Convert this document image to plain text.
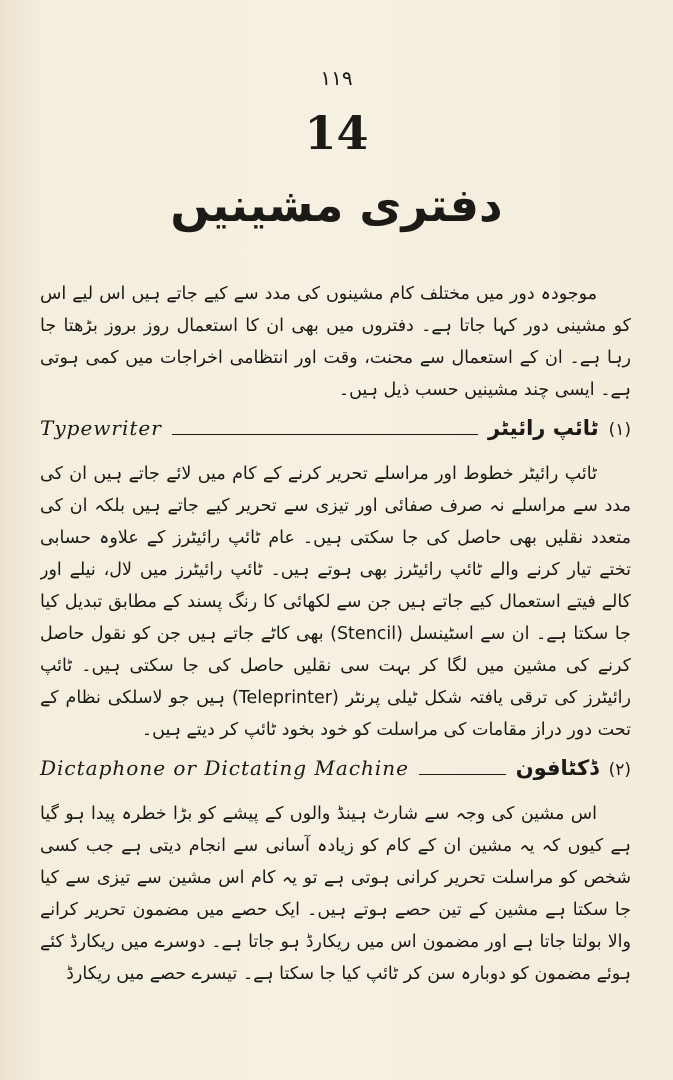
١١٩
14
دفتری مشینیں

موجودہ دور میں مختلف کام مشینوں کی مدد سے کیے جاتے ہیں اس لیے اس کو مشینی دور کہا جاتا ہے۔ دفتروں میں بھی ان کا استعمال روز بروز بڑھتا جا رہا ہے۔ ان کے استعمال سے محنت، وقت اور انتظامی اخراجات میں کمی ہوتی ہے۔ ایسی چند مشینیں حسب ذیل ہیں۔

(١)ٹائپ رائیٹر
Typewriter

ٹائپ رائیٹر خطوط اور مراسلے تحریر کرنے کے کام میں لائے جاتے ہیں ان کی مدد سے مراسلے نہ صرف صفائی اور تیزی سے تحریر کیے جاتے ہیں بلکہ ان کی متعدد نقلیں بھی حاصل کی جا سکتی ہیں۔ عام ٹائپ رائیٹرز کے علاوہ حسابی تختے تیار کرنے والے ٹائپ رائیٹرز بھی ہوتے ہیں۔ ٹائپ رائیٹرز میں لال، نیلے اور کالے فیتے استعمال کیے جاتے ہیں جن سے لکھائی کا رنگ پسند کے مطابق تبدیل کیا جا سکتا ہے۔ ان سے اسٹینسل (Stencil) بھی کاٹے جاتے ہیں جن کو نقول حاصل کرنے کی مشین میں لگا کر بہت سی نقلیں حاصل کی جا سکتی ہیں۔ ٹائپ رائیٹرز کی ترقی یافتہ شکل ٹیلی پرنٹر (Teleprinter) ہیں جو لاسلکی نظام کے تحت دور دراز مقامات کی مراسلت کو خود بخود ٹائپ کر دیتے ہیں۔

(٢)ڈکٹافون
Dictaphone or Dictating Machine

اس مشین کی وجہ سے شارٹ ہینڈ والوں کے پیشے کو بڑا خطرہ پیدا ہو گیا ہے کیوں کہ یہ مشین ان کے کام کو زیادہ آسانی سے انجام دیتی ہے جب کسی شخص کو مراسلت تحریر کرانی ہوتی ہے تو یہ کام اس مشین سے تیزی سے کیا جا سکتا ہے مشین کے تین حصے ہوتے ہیں۔ ایک حصے میں مضمون تحریر کرانے والا بولتا جاتا ہے اور مضمون اس میں ریکارڈ ہو جاتا ہے۔ دوسرے میں ریکارڈ کئے ہوئے مضمون کو دوبارہ سن کر ٹائپ کیا جا سکتا ہے۔ تیسرے حصے میں ریکارڈ
